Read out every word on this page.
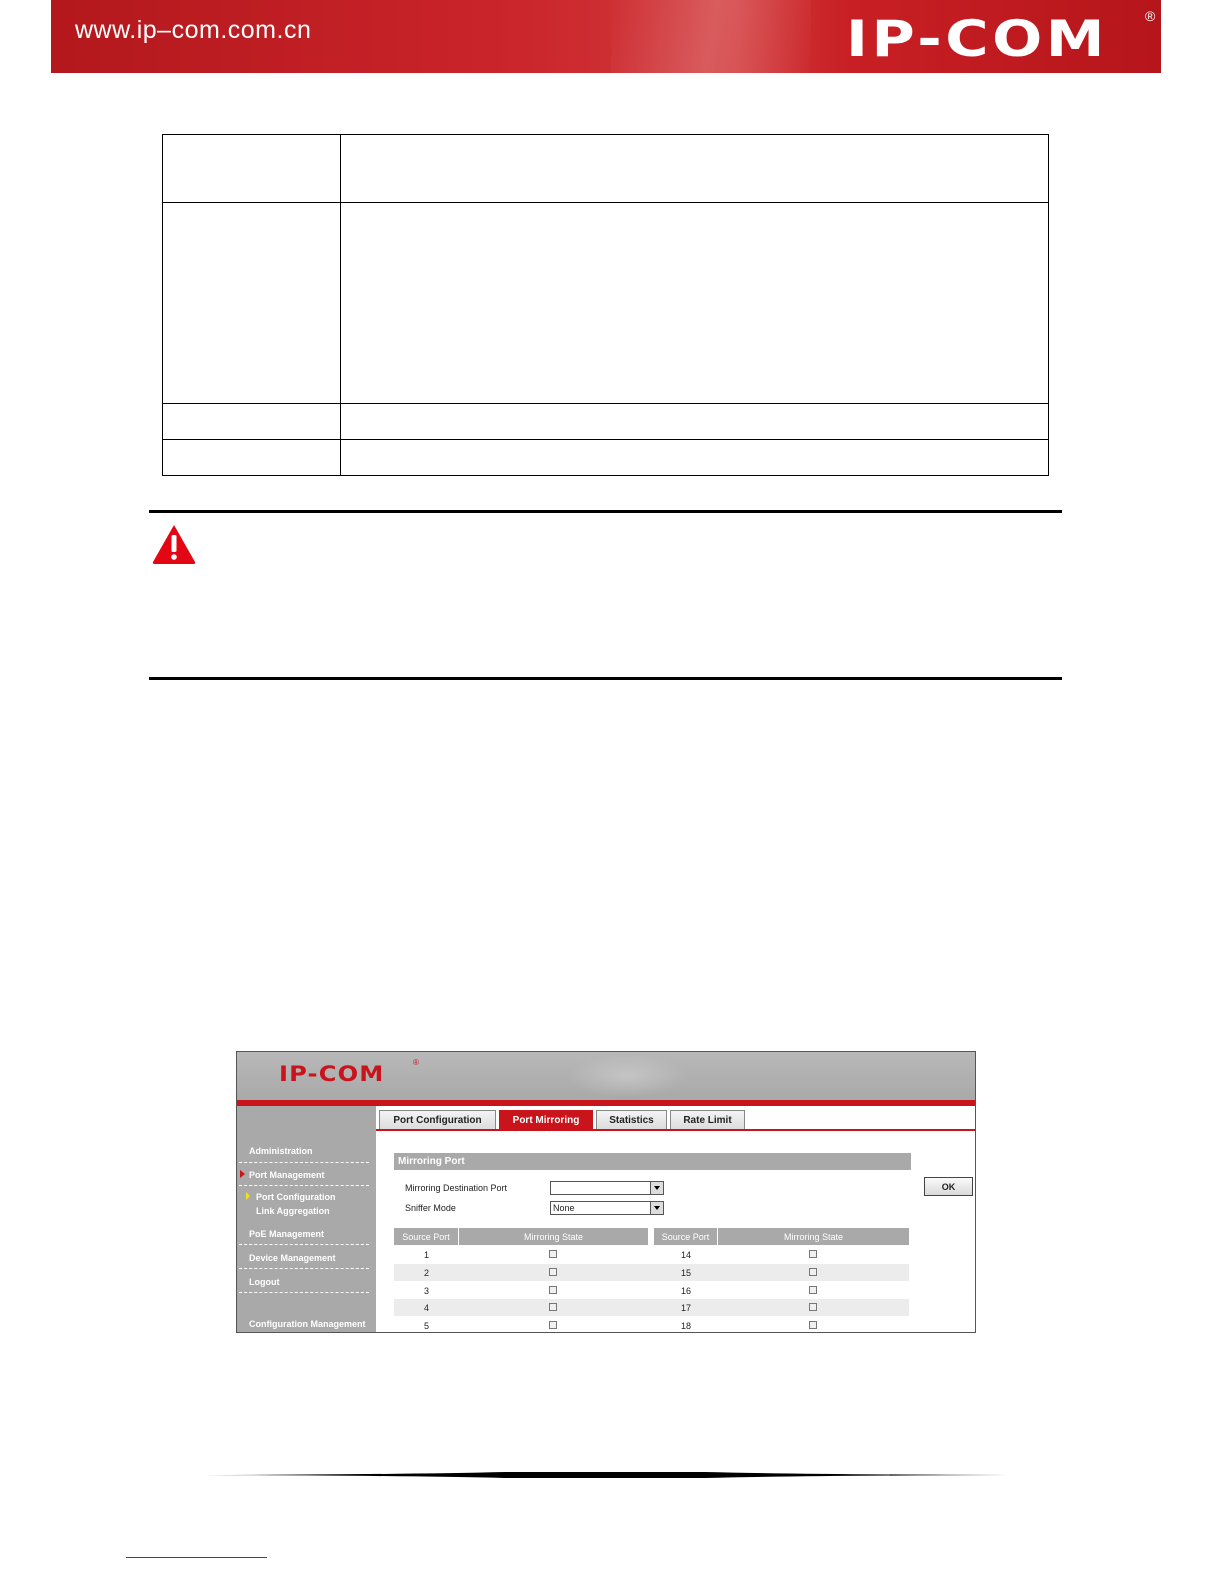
www.ip–com.com.cn	IP-COM	®
IP-COM	®
Administration
Port Management
Port Configuration
Link Aggregation
PoE Management
Device Management
Logout
Configuration Management
Port Configuration	Port Mirroring	Statistics	Rate Limit
Mirroring Port
Mirroring Destination Port
Sniffer Mode	None
OK
Source Port	Mirroring State	Source Port	Mirroring State
1	14
2	15
3	16
4	17
5	18
